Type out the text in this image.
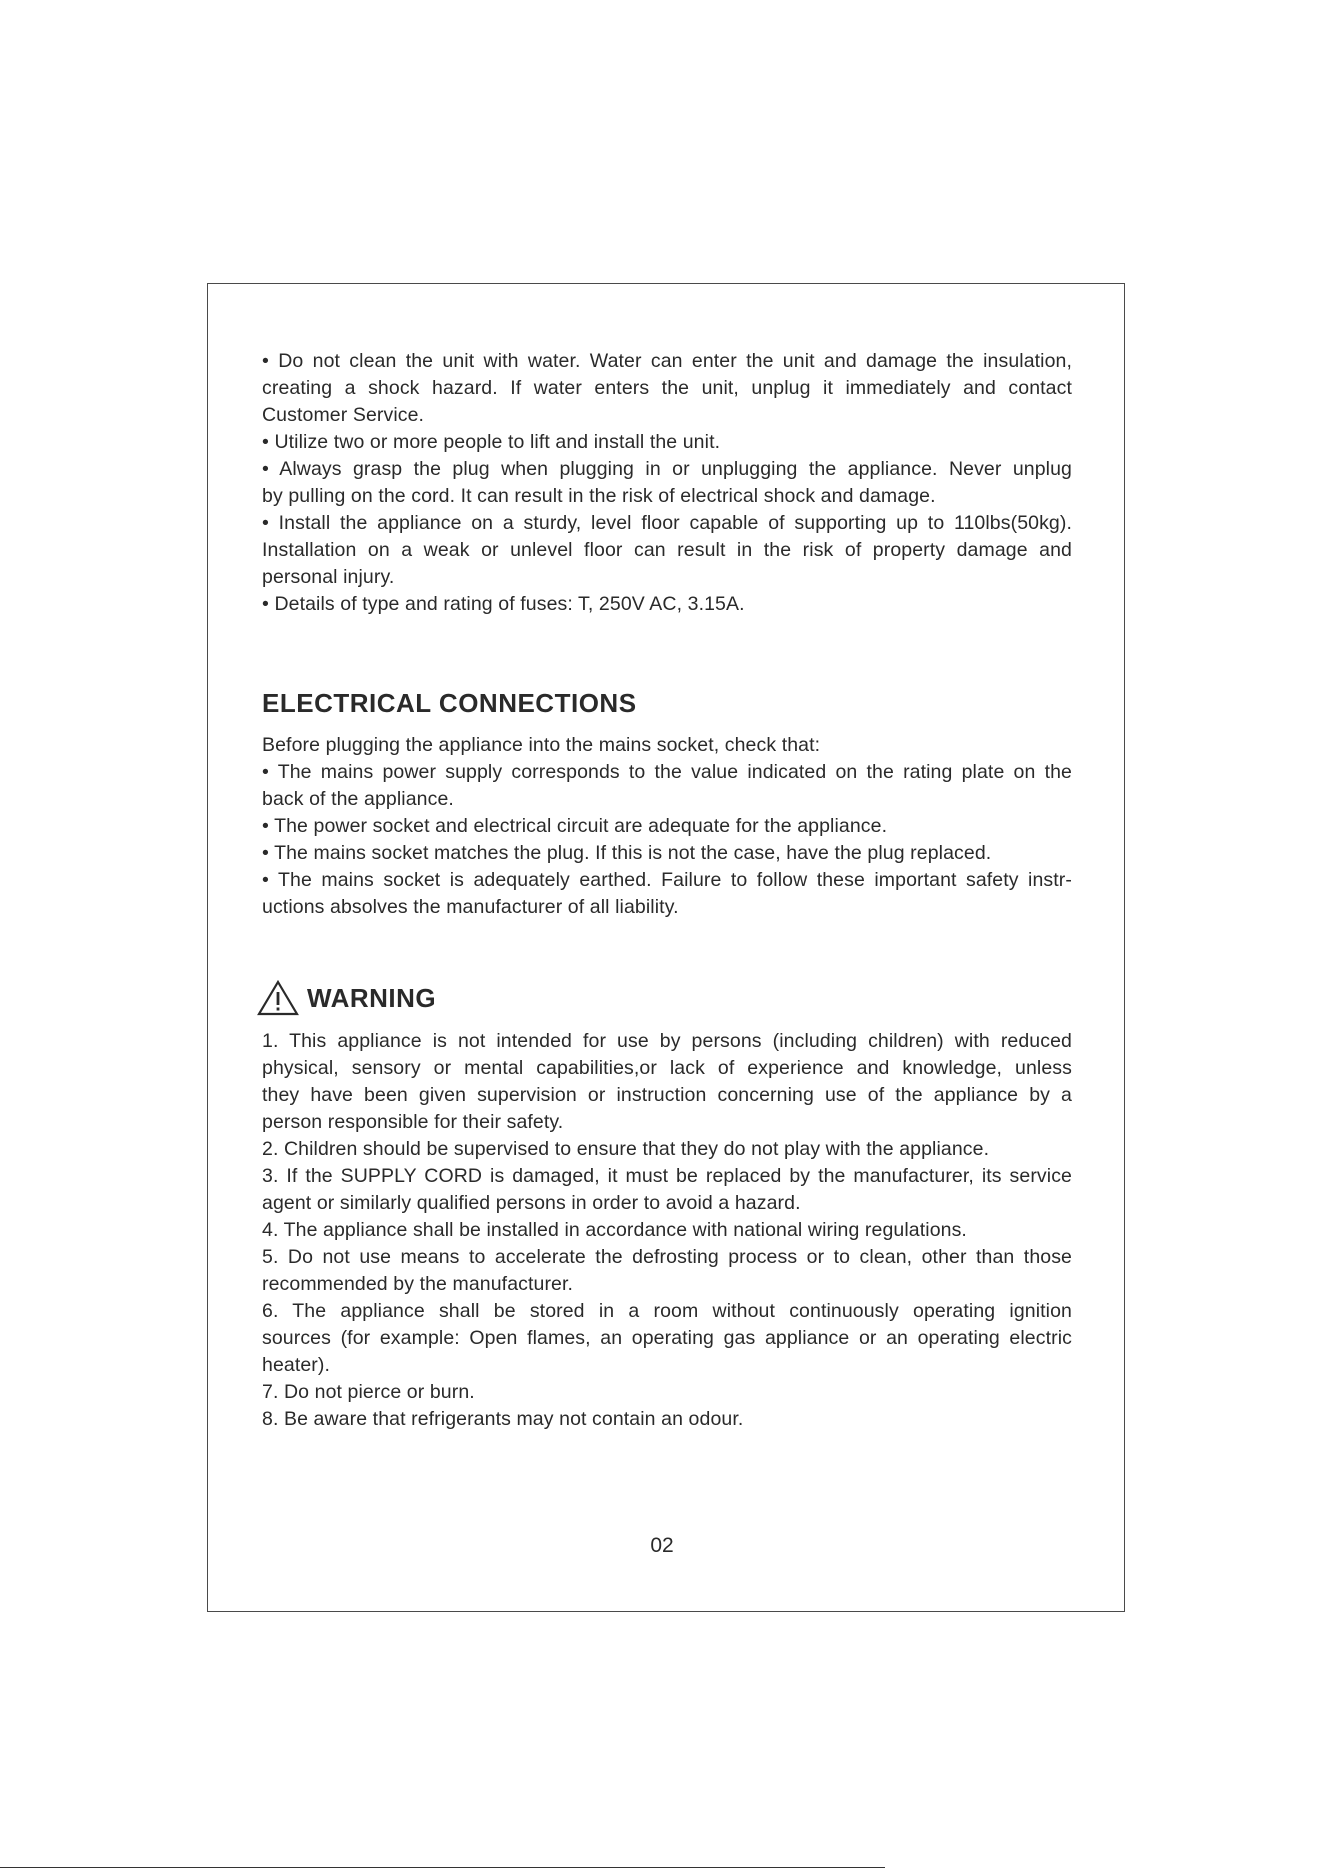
• Do not clean the unit with water. Water can enter the unit and damage the insulation,

creating a shock hazard. If water enters the unit, unplug it immediately and contact

Customer Service.

• Utilize two or more people to lift and install the unit.

• Always grasp the plug when plugging in or unplugging the appliance. Never unplug

by pulling on the cord. It can result in the risk of electrical shock and damage.

• Install the appliance on a sturdy, level floor capable of supporting up to 110lbs(50kg).

Installation on a weak or unlevel floor can result in the risk of property damage and

personal injury.

• Details of type and rating of fuses: T, 250V AC, 3.15A.

ELECTRICAL CONNECTIONS

Before plugging the appliance into the mains socket, check that:

• The mains power supply corresponds to the value indicated on the rating plate on the

back of the appliance.

• The power socket and electrical circuit are adequate for the appliance.

• The mains socket matches the plug. If this is not the case, have the plug replaced.

• The mains socket is adequately earthed. Failure to follow these important safety instr-

uctions absolves the manufacturer of all liability.

WARNING

1. This appliance is not intended for use by persons (including children) with reduced

physical, sensory or mental capabilities,or lack of experience and knowledge, unless

they have been given supervision or instruction concerning use of the appliance by a

person responsible for their safety.

2. Children should be supervised to ensure that they do not play with the appliance.

3. If the SUPPLY CORD is damaged, it must be replaced by the manufacturer, its service

agent or similarly qualified persons in order to avoid a hazard.

4. The appliance shall be installed in accordance with national wiring regulations.

5. Do not use means to accelerate the defrosting process or to clean, other than those

recommended by the manufacturer.

6. The appliance shall be stored in a room without continuously operating ignition

sources (for example: Open flames, an operating gas appliance or an operating electric

heater).

7. Do not pierce or burn.

8. Be aware that refrigerants may not contain an odour.

02
